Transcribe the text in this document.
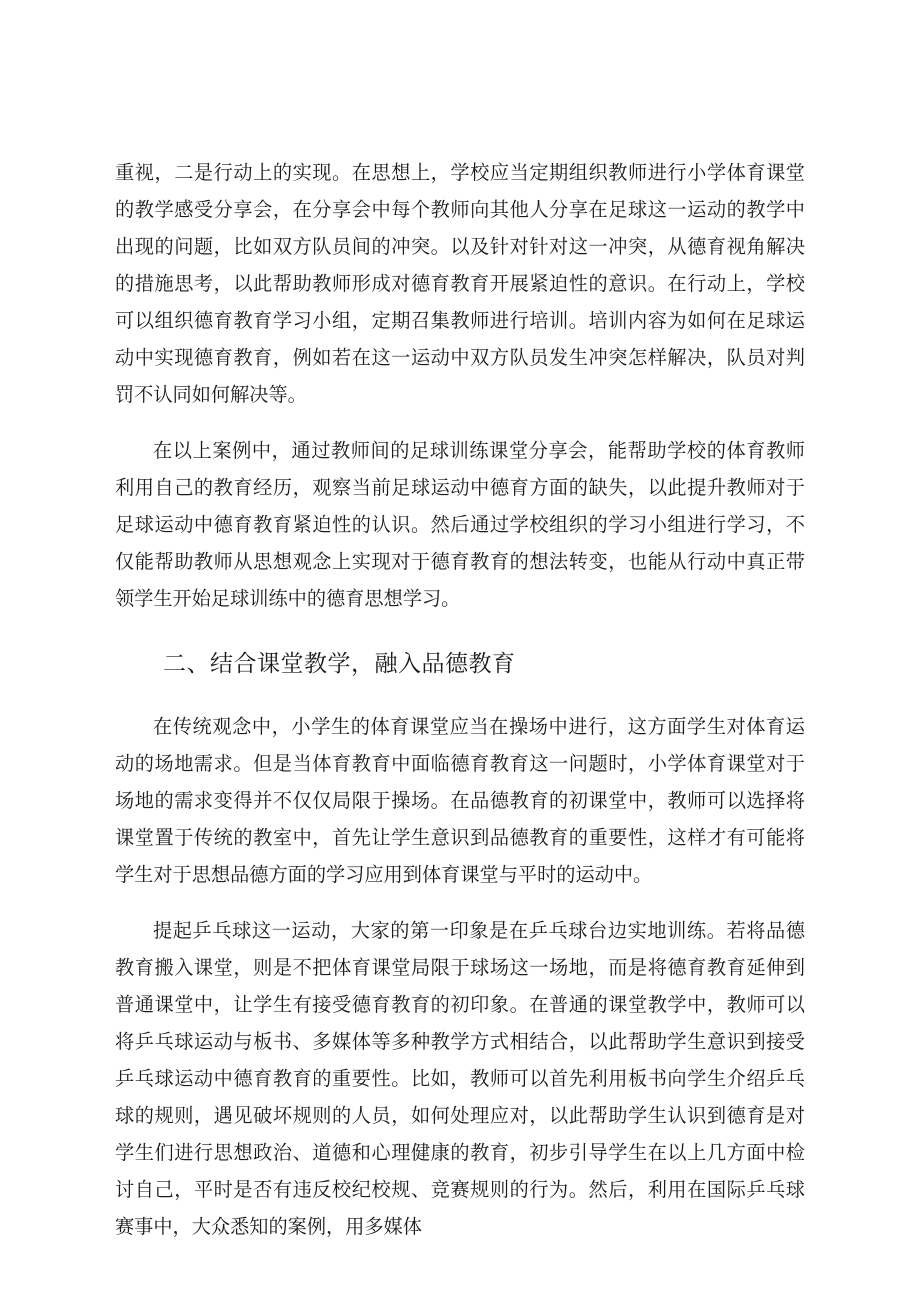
重视，二是行动上的实现。在思想上，学校应当定期组织教师进行小学体育课堂的教学感受分享会，在分享会中每个教师向其他人分享在足球这一运动的教学中出现的问题，比如双方队员间的冲突。以及针对针对这一冲突，从德育视角解决的措施思考，以此帮助教师形成对德育教育开展紧迫性的意识。在行动上，学校可以组织德育教育学习小组，定期召集教师进行培训。培训内容为如何在足球运动中实现德育教育，例如若在这一运动中双方队员发生冲突怎样解决，队员对判罚不认同如何解决等。

在以上案例中，通过教师间的足球训练课堂分享会，能帮助学校的体育教师利用自己的教育经历，观察当前足球运动中德育方面的缺失，以此提升教师对于足球运动中德育教育紧迫性的认识。然后通过学校组织的学习小组进行学习，不仅能帮助教师从思想观念上实现对于德育教育的想法转变，也能从行动中真正带领学生开始足球训练中的德育思想学习。

二、结合课堂教学，融入品德教育

在传统观念中，小学生的体育课堂应当在操场中进行，这方面学生对体育运动的场地需求。但是当体育教育中面临德育教育这一问题时，小学体育课堂对于场地的需求变得并不仅仅局限于操场。在品德教育的初课堂中，教师可以选择将课堂置于传统的教室中，首先让学生意识到品德教育的重要性，这样才有可能将学生对于思想品德方面的学习应用到体育课堂与平时的运动中。

提起乒乓球这一运动，大家的第一印象是在乒乓球台边实地训练。若将品德教育搬入课堂，则是不把体育课堂局限于球场这一场地，而是将德育教育延伸到普通课堂中，让学生有接受德育教育的初印象。在普通的课堂教学中，教师可以将乒乓球运动与板书、多媒体等多种教学方式相结合，以此帮助学生意识到接受乒乓球运动中德育教育的重要性。比如，教师可以首先利用板书向学生介绍乒乓球的规则，遇见破坏规则的人员，如何处理应对，以此帮助学生认识到德育是对学生们进行思想政治、道德和心理健康的教育，初步引导学生在以上几方面中检讨自己，平时是否有违反校纪校规、竞赛规则的行为。然后，利用在国际乒乓球赛事中，大众悉知的案例，用多媒体
